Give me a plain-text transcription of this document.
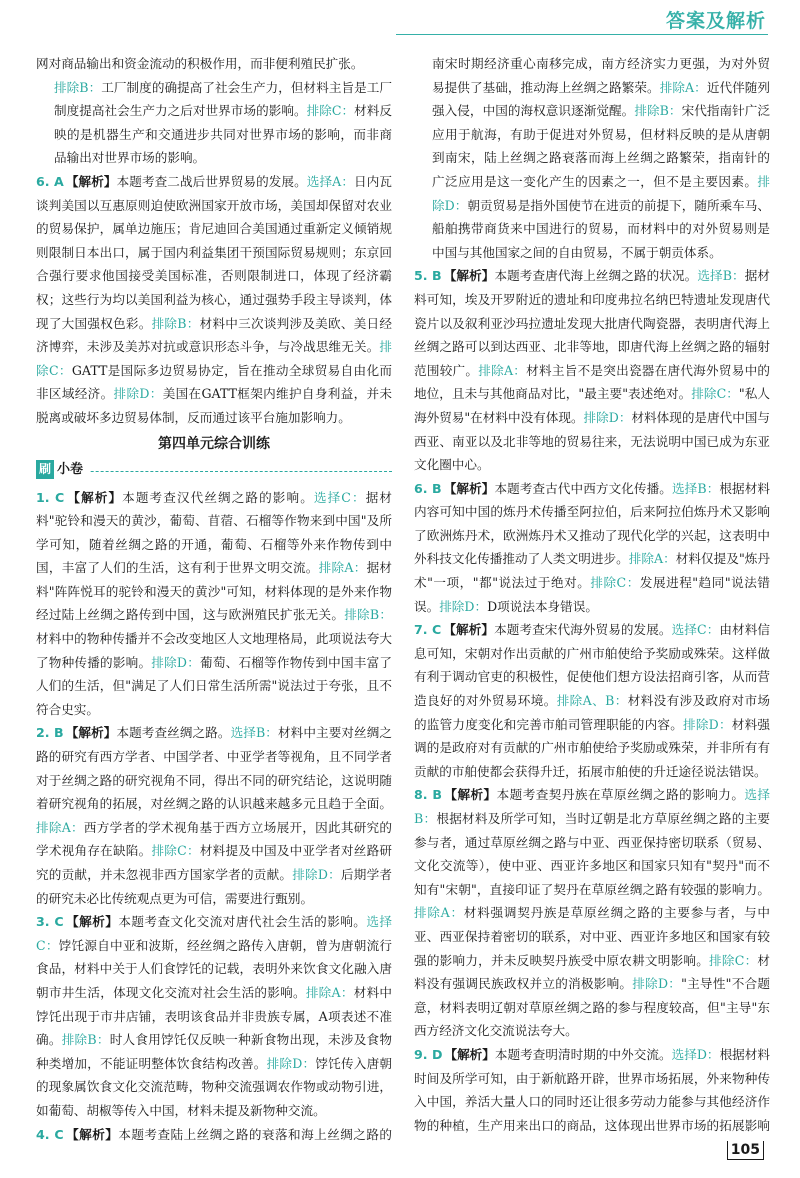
答案及解析

网对商品输出和资金流动的积极作用，而非便利殖民扩张。

排除B：工厂制度的确提高了社会生产力，但材料主旨是工厂制度提高社会生产力之后对世界市场的影响。排除C：材料反映的是机器生产和交通进步共同对世界市场的影响，而非商品输出对世界市场的影响。

6. A 【解析】本题考查二战后世界贸易的发展。选择A：日内瓦谈判美国以互惠原则迫使欧洲国家开放市场，美国却保留对农业的贸易保护，属单边施压；肯尼迪回合美国通过重新定义倾销规则限制日本出口，属于国内利益集团干预国际贸易规则；东京回合强行要求他国接受美国标准，否则限制进口，体现了经济霸权；这些行为均以美国利益为核心，通过强势手段主导谈判，体现了大国强权色彩。排除B：材料中三次谈判涉及美欧、美日经济博弈，未涉及美苏对抗或意识形态斗争，与冷战思维无关。排除C：GATT是国际多边贸易协定，旨在推动全球贸易自由化而非区域经济。排除D：美国在GATT框架内维护自身利益，并未脱离或破坏多边贸易体制，反而通过该平台施加影响力。

第四单元综合训练
刷 小卷

1. C 【解析】本题考查汉代丝绸之路的影响。选择C：据材料"驼铃和漫天的黄沙，葡萄、苜蓿、石榴等作物来到中国"及所学可知，随着丝绸之路的开通，葡萄、石榴等外来作物传到中国，丰富了人们的生活，这有利于世界文明交流。排除A：据材料"阵阵悦耳的驼铃和漫天的黄沙"可知，材料体现的是外来作物经过陆上丝绸之路传到中国，这与欧洲殖民扩张无关。排除B：材料中的物种传播并不会改变地区人文地理格局，此项说法夸大了物种传播的影响。排除D：葡萄、石榴等作物传到中国丰富了人们的生活，但"满足了人们日常生活所需"说法过于夸张，且不符合史实。

2. B 【解析】本题考查丝绸之路。选择B：材料中主要对丝绸之路的研究有西方学者、中国学者、中亚学者等视角，且不同学者对于丝绸之路的研究视角不同，得出不同的研究结论，这说明随着研究视角的拓展，对丝绸之路的认识越来越多元且趋于全面。排除A：西方学者的学术视角基于西方立场展开，因此其研究的学术视角存在缺陷。排除C：材料提及中国及中亚学者对丝路研究的贡献，并未忽视非西方国家学者的贡献。排除D：后期学者的研究未必比传统观点更为可信，需要进行甄别。

3. C 【解析】本题考查文化交流对唐代社会生活的影响。选择C：饽饦源自中亚和波斯，经丝绸之路传入唐朝，曾为唐朝流行食品，材料中关于人们食饽饦的记载，表明外来饮食文化融入唐朝市井生活，体现文化交流对社会生活的影响。排除A：材料中饽饦出现于市井店铺，表明该食品并非贵族专属，A项表述不准确。排除B：时人食用饽饦仅反映一种新食物出现，未涉及食物种类增加，不能证明整体饮食结构改善。排除D：饽饦传入唐朝的现象属饮食文化交流范畴，物种交流强调农作物或动物引进，如葡萄、胡椒等传入中国，材料未提及新物种交流。

4. C 【解析】本题考查陆上丝绸之路的衰落和海上丝绸之路的

南宋时期经济重心南移完成，南方经济实力更强，为对外贸易提供了基础，推动海上丝绸之路繁荣。排除A：近代伴随列强入侵，中国的海权意识逐渐觉醒。排除B：宋代指南针广泛应用于航海，有助于促进对外贸易，但材料反映的是从唐朝到南宋，陆上丝绸之路衰落而海上丝绸之路繁荣，指南针的广泛应用是这一变化产生的因素之一，但不是主要因素。排除D：朝贡贸易是指外国使节在进贡的前提下，随所乘车马、船舶携带商货来中国进行的贸易，而材料中的对外贸易则是中国与其他国家之间的自由贸易，不属于朝贡体系。

5. B 【解析】本题考查唐代海上丝绸之路的状况。选择B：据材料可知，埃及开罗附近的遗址和印度弗拉名纳巴特遗址发现唐代瓷片以及叙利亚沙玛拉遗址发现大批唐代陶瓷器，表明唐代海上丝绸之路可以到达西亚、北非等地，即唐代海上丝绸之路的辐射范围较广。排除A：材料主旨不是突出瓷器在唐代海外贸易中的地位，且未与其他商品对比，"最主要"表述绝对。排除C："私人海外贸易"在材料中没有体现。排除D：材料体现的是唐代中国与西亚、南亚以及北非等地的贸易往来，无法说明中国已成为东亚文化圈中心。

6. B 【解析】本题考查古代中西方文化传播。选择B：根据材料内容可知中国的炼丹术传播至阿拉伯，后来阿拉伯炼丹术又影响了欧洲炼丹术，欧洲炼丹术又推动了现代化学的兴起，这表明中外科技文化传播推动了人类文明进步。排除A：材料仅提及"炼丹术"一项，"都"说法过于绝对。排除C：发展进程"趋同"说法错误。排除D：D项说法本身错误。

7. C 【解析】本题考查宋代海外贸易的发展。选择C：由材料信息可知，宋朝对作出贡献的广州市舶使给予奖励或殊荣。这样做有利于调动官吏的积极性，促使他们想方设法招商引客，从而营造良好的对外贸易环境。排除A、B：材料没有涉及政府对市场的监管力度变化和完善市舶司管理职能的内容。排除D：材料强调的是政府对有贡献的广州市舶使给予奖励或殊荣，并非所有有贡献的市舶使都会获得升迁，拓展市舶使的升迁途径说法错误。

8. B 【解析】本题考查契丹族在草原丝绸之路的影响力。选择B：根据材料及所学可知，当时辽朝是北方草原丝绸之路的主要参与者，通过草原丝绸之路与中亚、西亚保持密切联系（贸易、文化交流等），使中亚、西亚许多地区和国家只知有"契丹"而不知有"宋朝"，直接印证了契丹在草原丝绸之路有较强的影响力。排除A：材料强调契丹族是草原丝绸之路的主要参与者，与中亚、西亚保持着密切的联系，对中亚、西亚许多地区和国家有较强的影响力，并未反映契丹族受中原农耕文明影响。排除C：材料没有强调民族政权并立的消极影响。排除D："主导性"不合题意，材料表明辽朝对草原丝绸之路的参与程度较高，但"主导"东西方经济文化交流说法夸大。

9. D 【解析】本题考查明清时期的中外交流。选择D：根据材料时间及所学可知，由于新航路开辟，世界市场拓展，外来物种传入中国，养活大量人口的同时还让很多劳动力能参与其他经济作物的种植，生产用来出口的商品，这体现出世界市场的拓展影响

105
